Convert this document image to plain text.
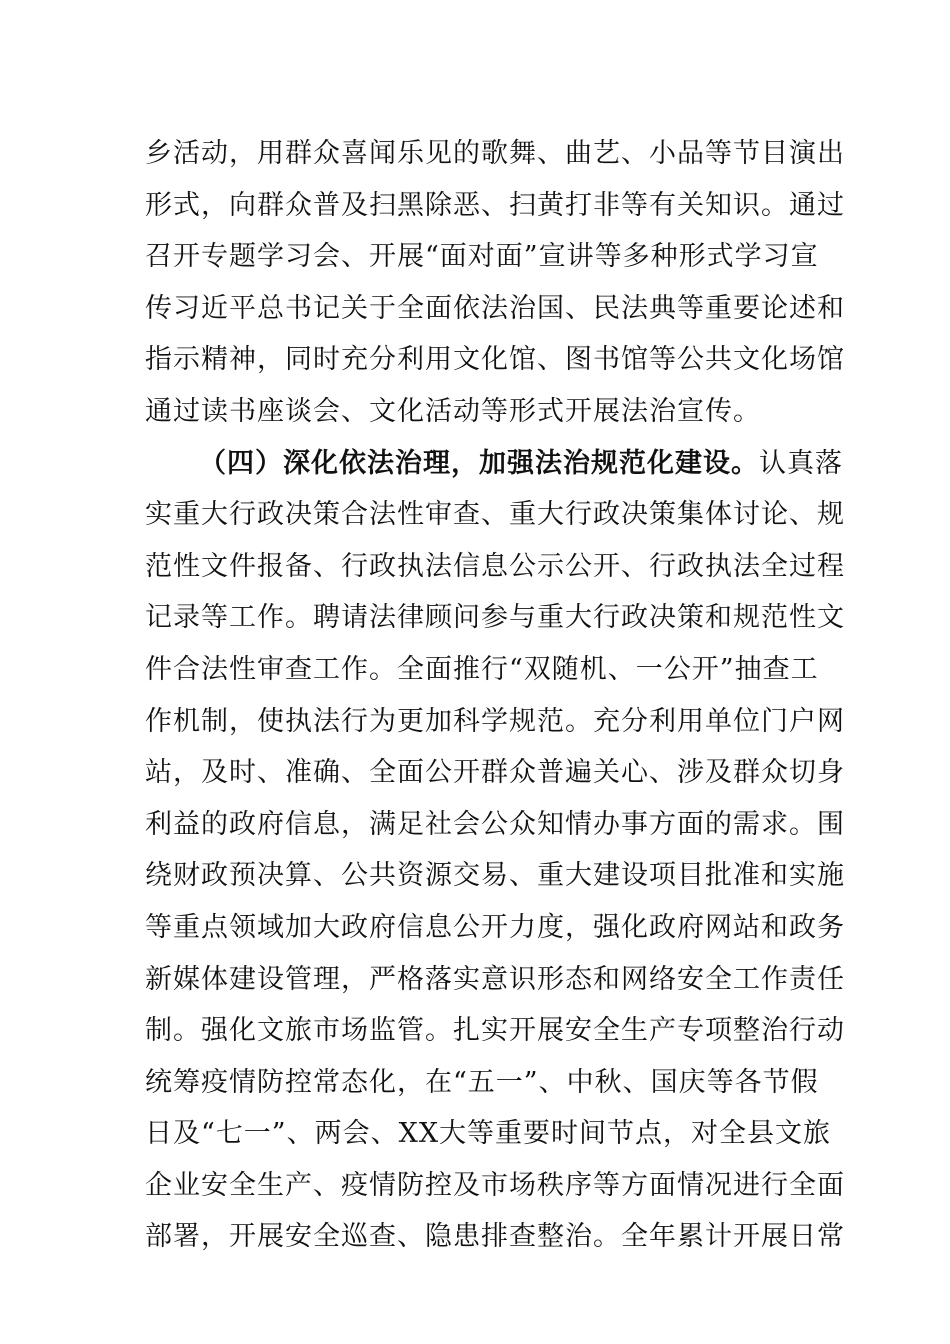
乡活动，用群众喜闻乐见的歌舞、曲艺、小品等节目演出
形式，向群众普及扫黑除恶、扫黄打非等有关知识。通过
召开专题学习会、开展“面对面”宣讲等多种形式学习宣
传习近平总书记关于全面依法治国、民法典等重要论述和
指示精神，同时充分利用文化馆、图书馆等公共文化场馆
通过读书座谈会、文化活动等形式开展法治宣传。
（四）深化依法治理，加强法治规范化建设。认真落
实重大行政决策合法性审查、重大行政决策集体讨论、规
范性文件报备、行政执法信息公示公开、行政执法全过程
记录等工作。聘请法律顾问参与重大行政决策和规范性文
件合法性审查工作。全面推行“双随机、一公开”抽查工
作机制，使执法行为更加科学规范。充分利用单位门户网
站，及时、准确、全面公开群众普遍关心、涉及群众切身
利益的政府信息，满足社会公众知情办事方面的需求。围
绕财政预决算、公共资源交易、重大建设项目批准和实施
等重点领域加大政府信息公开力度，强化政府网站和政务
新媒体建设管理，严格落实意识形态和网络安全工作责任
制。强化文旅市场监管。扎实开展安全生产专项整治行动
统筹疫情防控常态化，在“五一”、中秋、国庆等各节假
日及“七一”、两会、XX大等重要时间节点，对全县文旅
企业安全生产、疫情防控及市场秩序等方面情况进行全面
部署，开展安全巡查、隐患排查整治。全年累计开展日常
